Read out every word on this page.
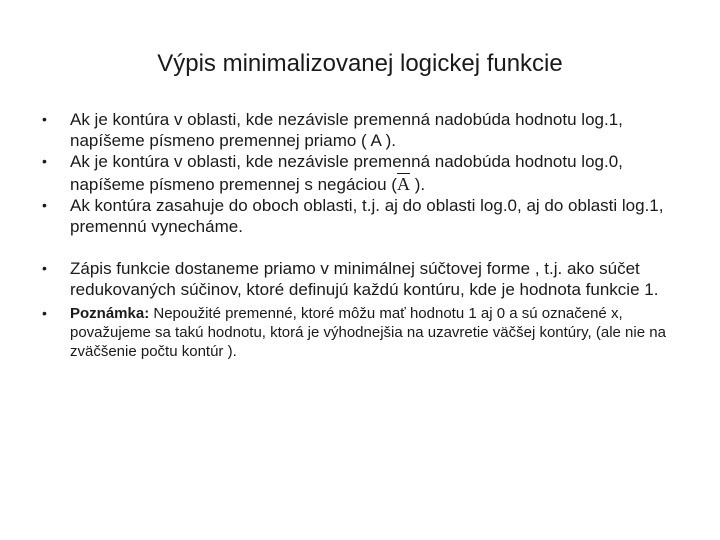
Výpis minimalizovanej logickej funkcie
• Ak je kontúra v oblasti, kde nezávisle premenná nadobúda hodnotu log.1, napíšeme písmeno premennej priamo ( A ).
• Ak je kontúra v oblasti, kde nezávisle premenná nadobúda hodnotu log.0, napíšeme písmeno premennej s negáciou (A ).
• Ak kontúra zasahuje do oboch oblasti, t.j. aj do oblasti log.0, aj do oblasti log.1, premennú vynecháme.
• Zápis funkcie dostaneme priamo v minimálnej súčtovej forme , t.j. ako súčet redukovaných súčinov, ktoré definujú každú kontúru, kde je hodnota funkcie 1.
• Poznámka: Nepoužité premenné, ktoré môžu mať hodnotu 1 aj 0 a sú označené x, považujeme sa takú hodnotu, ktorá je výhodnejšia na uzavretie väčšej kontúry, (ale nie na zväčšenie počtu kontúr ).
